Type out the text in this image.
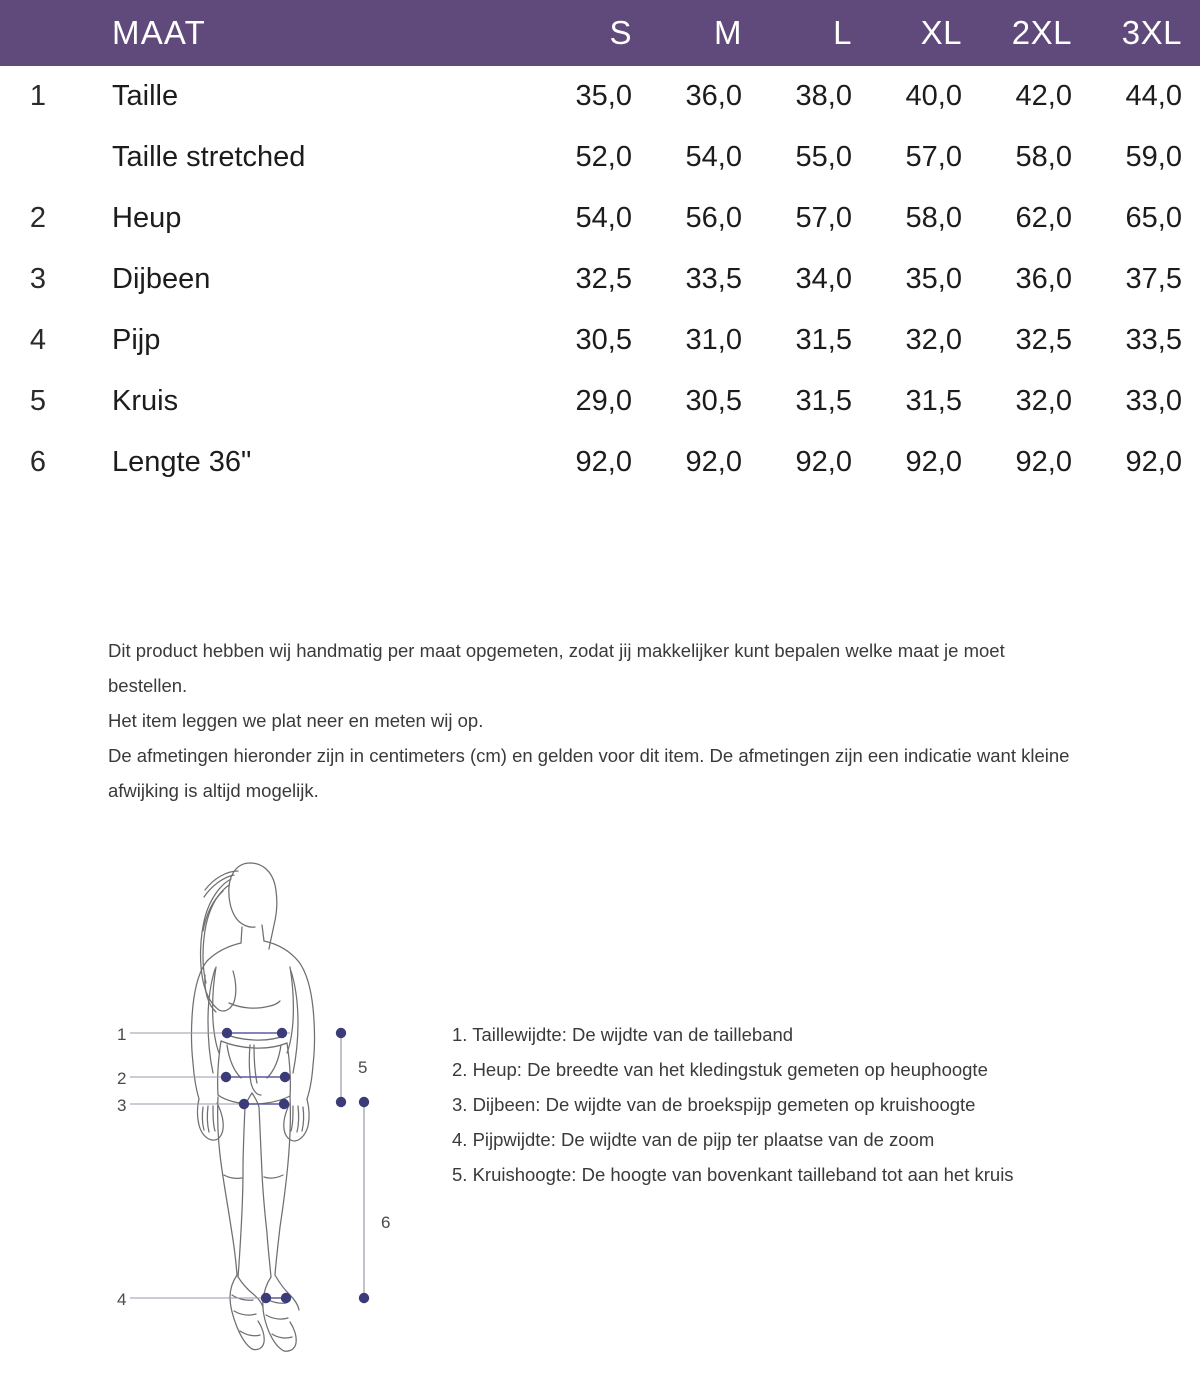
MAAT	S	M	L	XL	2XL	3XL
1	Taille	35,0	36,0	38,0	40,0	42,0	44,0
Taille stretched	52,0	54,0	55,0	57,0	58,0	59,0
2	Heup	54,0	56,0	57,0	58,0	62,0	65,0
3	Dijbeen	32,5	33,5	34,0	35,0	36,0	37,5
4	Pijp	30,5	31,0	31,5	32,0	32,5	33,5
5	Kruis	29,0	30,5	31,5	31,5	32,0	33,0
6	Lengte 36"	92,0	92,0	92,0	92,0	92,0	92,0

Dit product hebben wij handmatig per maat opgemeten, zodat jij makkelijker kunt bepalen welke maat je moet bestellen.

Het item leggen we plat neer en meten wij op.

De afmetingen hieronder zijn in centimeters (cm) en gelden voor dit item. De afmetingen zijn een indicatie want kleine afwijking is altijd mogelijk.

1
2
3
4
5
6

1. Taillewijdte: De wijdte van de tailleband

2. Heup: De breedte van het kledingstuk gemeten op heuphoogte

3. Dijbeen: De wijdte van de broekspijp gemeten op kruishoogte

4. Pijpwijdte: De wijdte van de pijp ter plaatse van de zoom

5. Kruishoogte: De hoogte van bovenkant tailleband tot aan het kruis
